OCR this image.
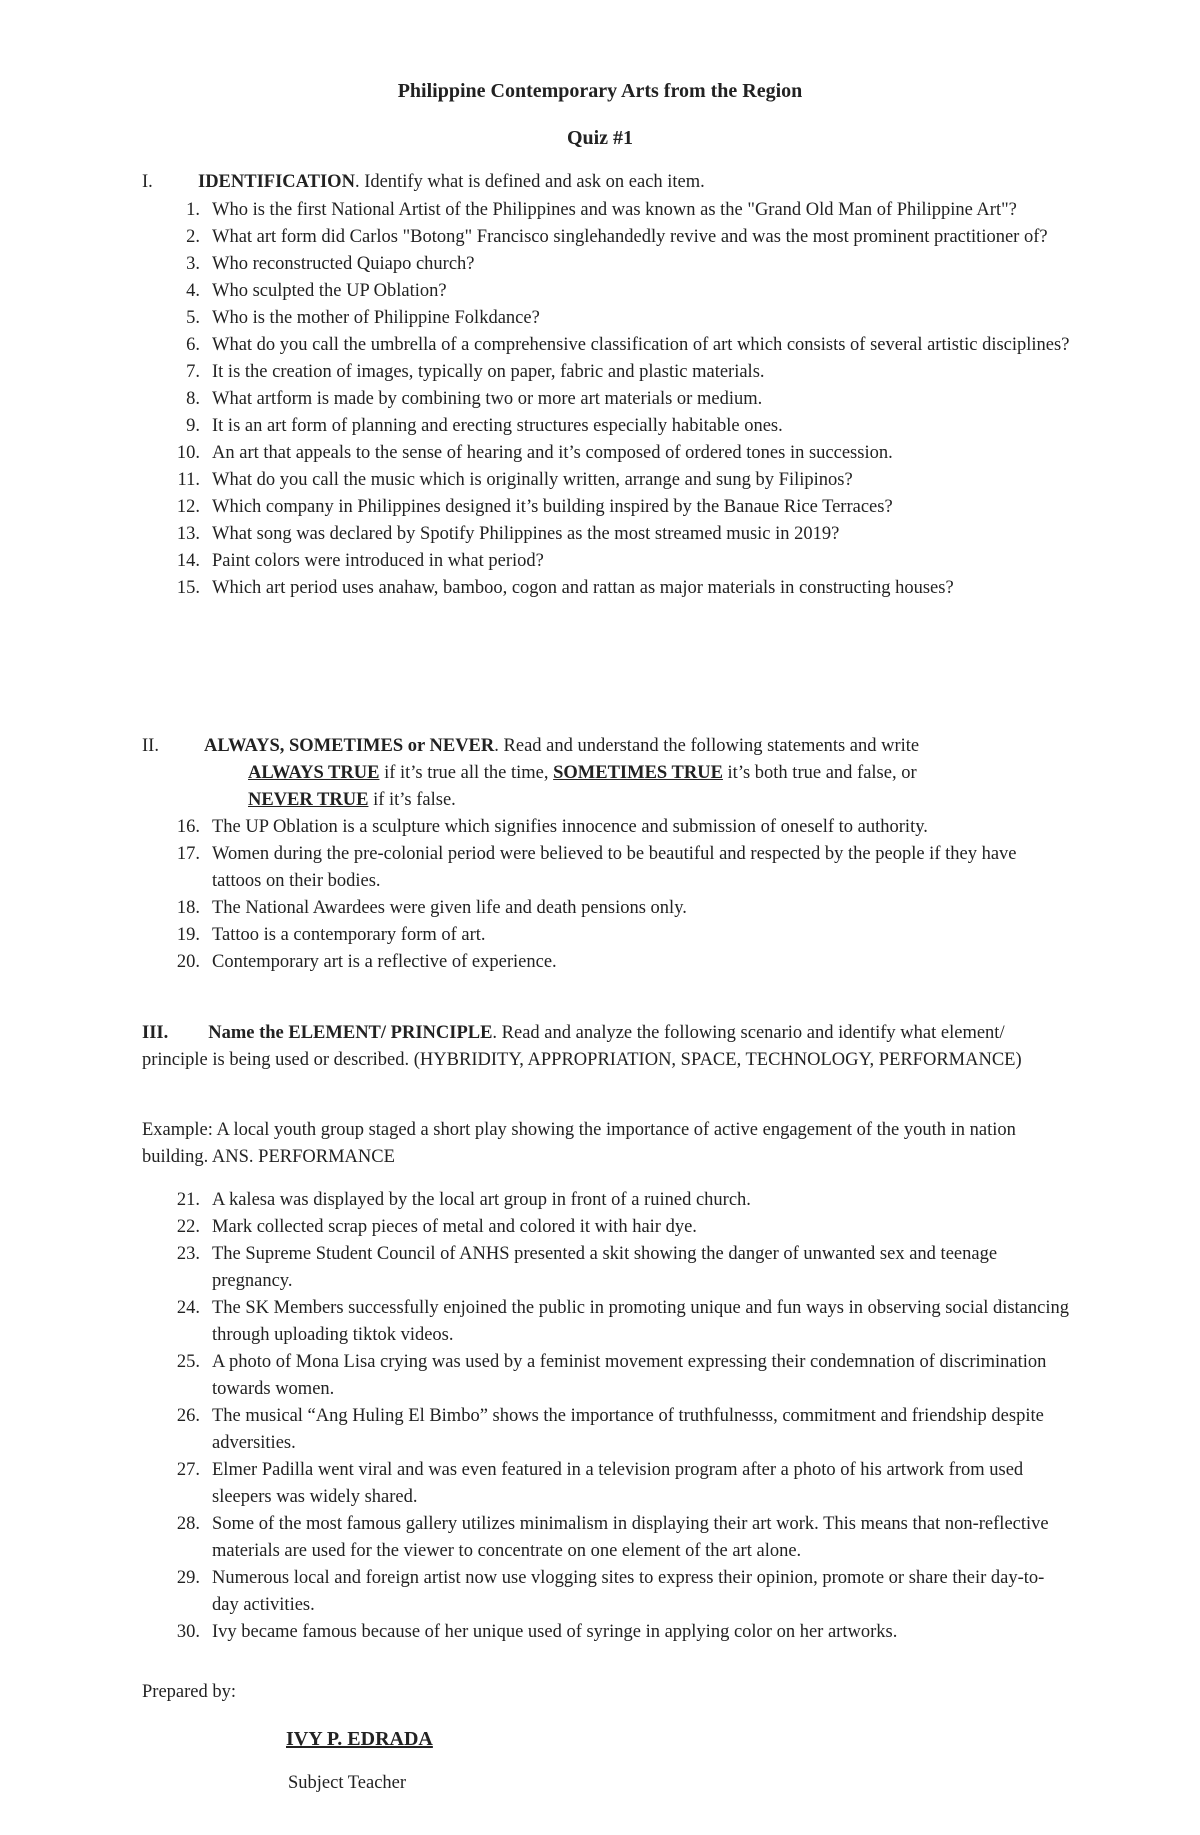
Philippine Contemporary Arts from the Region
Quiz #1
I.	IDENTIFICATION. Identify what is defined and ask on each item.
1. Who is the first National Artist of the Philippines and was known as the "Grand Old Man of Philippine Art"?
2. What art form did Carlos "Botong" Francisco singlehandedly revive and was the most prominent practitioner of?
3. Who reconstructed Quiapo church?
4. Who sculpted the UP Oblation?
5. Who is the mother of Philippine Folkdance?
6. What do you call the umbrella of a comprehensive classification of art which consists of several artistic disciplines?
7. It is the creation of images, typically on paper, fabric and plastic materials.
8. What artform is made by combining two or more art materials or medium.
9. It is an art form of planning and erecting structures especially habitable ones.
10. An art that appeals to the sense of hearing and it’s composed of ordered tones in succession.
11. What do you call the music which is originally written, arrange and sung by Filipinos?
12. Which company in Philippines designed it’s building inspired by the Banaue Rice Terraces?
13. What song was declared by Spotify Philippines as the most streamed music in 2019?
14. Paint colors were introduced in what period?
15. Which art period uses anahaw, bamboo, cogon and rattan as major materials in constructing houses?
II.	ALWAYS, SOMETIMES or NEVER. Read and understand the following statements and write
ALWAYS TRUE if it’s true all the time, SOMETIMES TRUE it’s both true and false, or
NEVER TRUE if it’s false.
16. The UP Oblation is a sculpture which signifies innocence and submission of oneself to authority.
17. Women during the pre-colonial period were believed to be beautiful and respected by the people if they have tattoos on their bodies.
18. The National Awardees were given life and death pensions only.
19. Tattoo is a contemporary form of art.
20. Contemporary art is a reflective of experience.
III. Name the ELEMENT/ PRINCIPLE. Read and analyze the following scenario and identify what element/ principle is being used or described. (HYBRIDITY, APPROPRIATION, SPACE, TECHNOLOGY, PERFORMANCE)
Example: A local youth group staged a short play showing the importance of active engagement of the youth in nation building. ANS. PERFORMANCE
21. A kalesa was displayed by the local art group in front of a ruined church.
22. Mark collected scrap pieces of metal and colored it with hair dye.
23. The Supreme Student Council of ANHS presented a skit showing the danger of unwanted sex and teenage pregnancy.
24. The SK Members successfully enjoined the public in promoting unique and fun ways in observing social distancing through uploading tiktok videos.
25. A photo of Mona Lisa crying was used by a feminist movement expressing their condemnation of discrimination towards women.
26. The musical “Ang Huling El Bimbo” shows the importance of truthfulnesss, commitment and friendship despite adversities.
27. Elmer Padilla went viral and was even featured in a television program after a photo of his artwork from used sleepers was widely shared.
28. Some of the most famous gallery utilizes minimalism in displaying their art work. This means that non-reflective materials are used for the viewer to concentrate on one element of the art alone.
29. Numerous local and foreign artist now use vlogging sites to express their opinion, promote or share their day-to-day activities.
30. Ivy became famous because of her unique used of syringe in applying color on her artworks.
Prepared by:
IVY P. EDRADA
Subject Teacher
